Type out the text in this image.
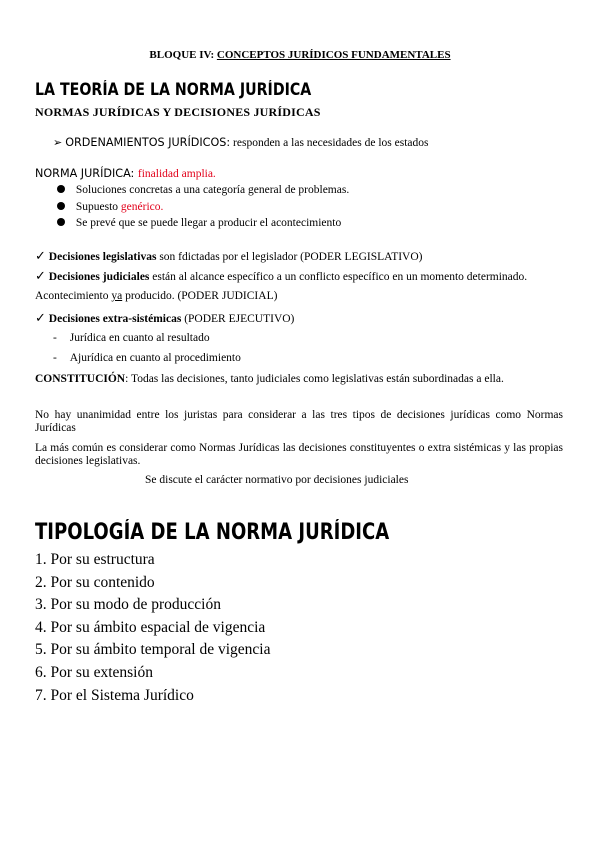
BLOQUE IV: CONCEPTOS JURÍDICOS FUNDAMENTALES
LA TEORÍA DE LA NORMA JURÍDICA
NORMAS JURÍDICAS Y DECISIONES JURÍDICAS
➢ ORDENAMIENTOS JURÍDICOS: responden a las necesidades de los estados
NORMA JURÍDICA: finalidad amplia.
Soluciones concretas a una categoría general de problemas.
Supuesto genérico.
Se prevé que se puede llegar a producir el acontecimiento
✓ Decisiones legislativas son fdictadas por el legislador (PODER LEGISLATIVO)
✓ Decisiones judiciales están al alcance específico a un conflicto específico en un momento determinado.
Acontecimiento ya producido. (PODER JUDICIAL)
✓ Decisiones extra-sistémicas (PODER EJECUTIVO)
- Jurídica en cuanto al resultado
- Ajurídica en cuanto al procedimiento
CONSTITUCIÓN: Todas las decisiones, tanto judiciales como legislativas están subordinadas a ella.
No hay unanimidad entre los juristas para considerar a las tres tipos de decisiones jurídicas como Normas Jurídicas
La más común es considerar como Normas Jurídicas las decisiones constituyentes o extra sistémicas y las propias decisiones legislativas.
Se discute el carácter normativo por decisiones judiciales
TIPOLOGÍA DE LA NORMA JURÍDICA
1. Por su estructura
2. Por su contenido
3. Por su modo de producción
4. Por su ámbito espacial de vigencia
5. Por su ámbito temporal de vigencia
6. Por su extensión
7. Por el Sistema Jurídico
